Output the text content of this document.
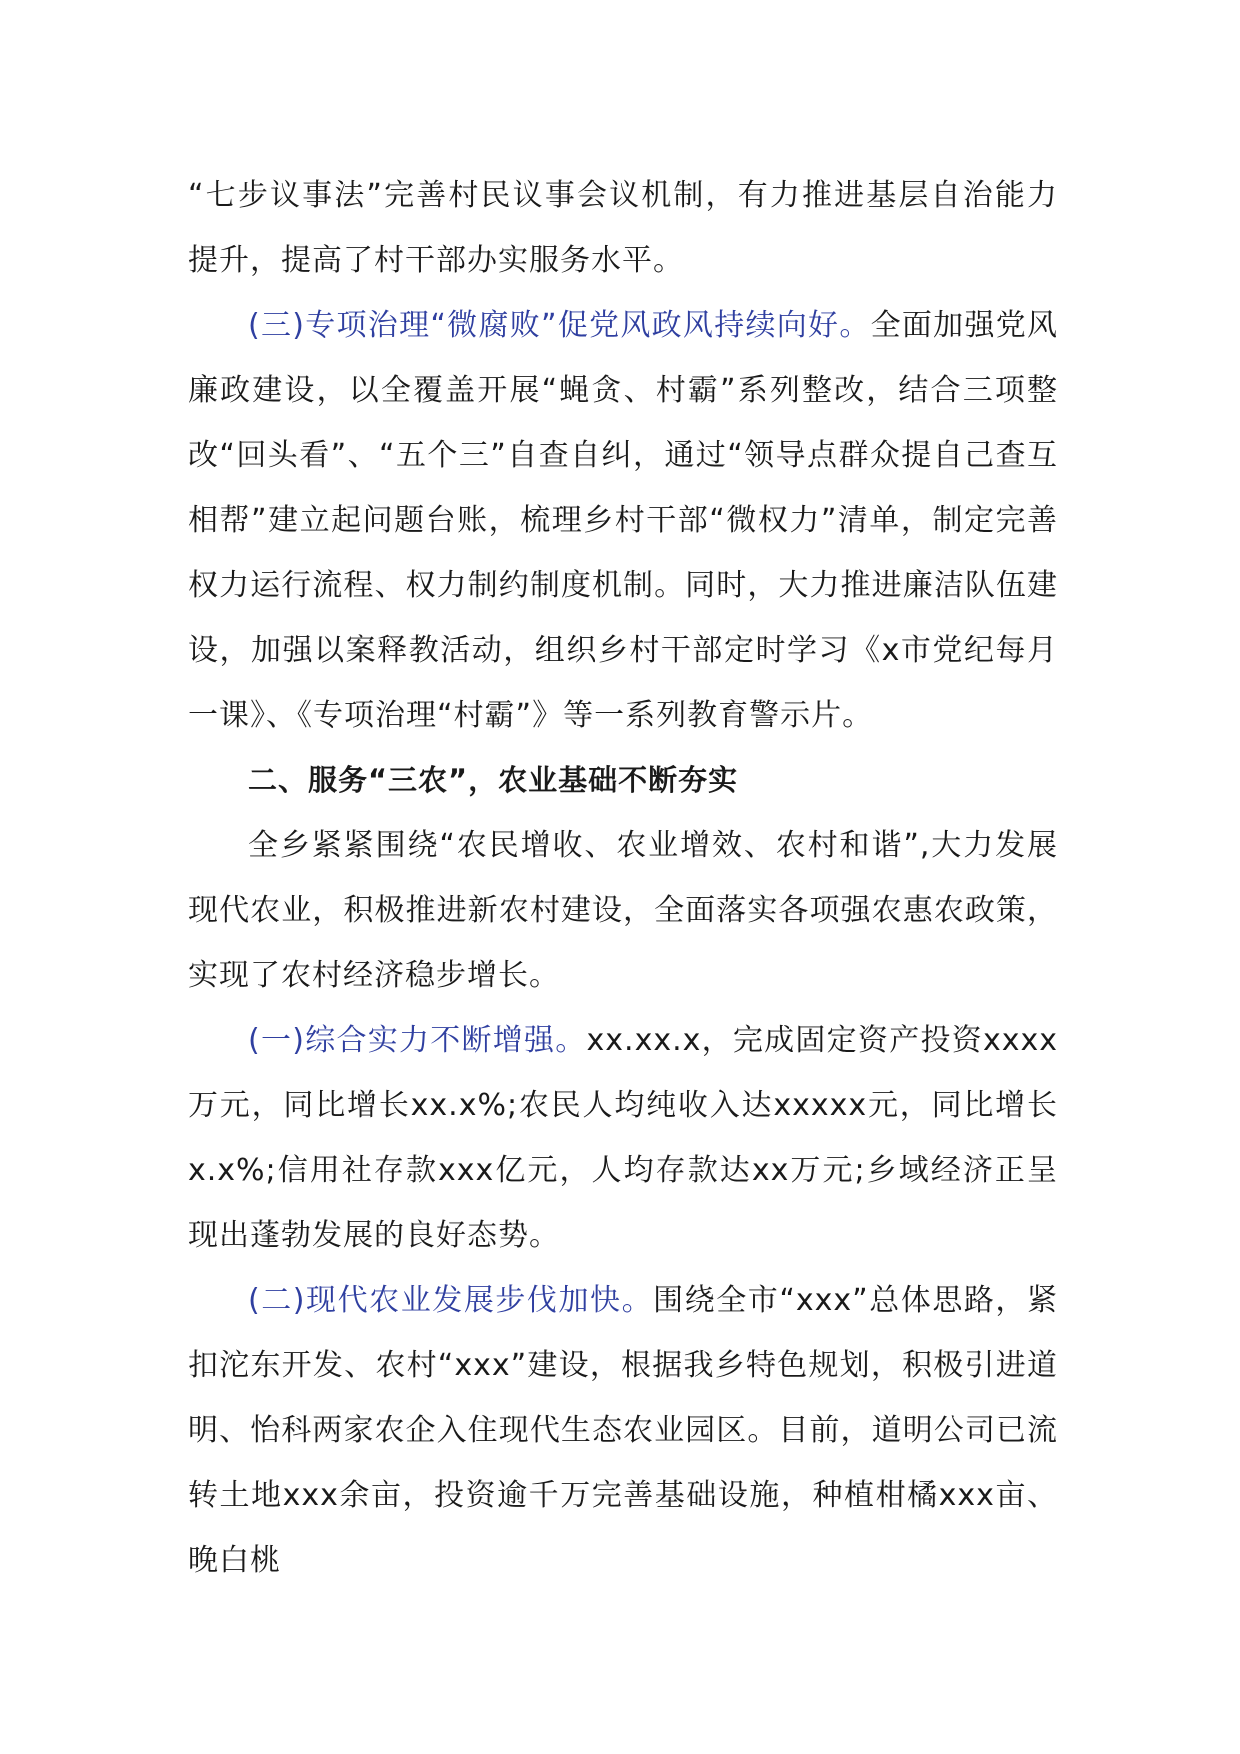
“七步议事法”完善村民议事会议机制，有力推进基层自治能力提升，提高了村干部办实服务水平。

(三)专项治理“微腐败”促党风政风持续向好。全面加强党风廉政建设，以全覆盖开展“蝇贪、村霸”系列整改，结合三项整改“回头看”、“五个三”自查自纠，通过“领导点群众提自己查互相帮”建立起问题台账，梳理乡村干部“微权力”清单，制定完善权力运行流程、权力制约制度机制。同时，大力推进廉洁队伍建设，加强以案释教活动，组织乡村干部定时学习《x市党纪每月一课》、《专项治理“村霸”》等一系列教育警示片。

二、服务“三农”，农业基础不断夯实

全乡紧紧围绕“农民增收、农业增效、农村和谐”,大力发展现代农业，积极推进新农村建设，全面落实各项强农惠农政策，实现了农村经济稳步增长。

(一)综合实力不断增强。xx.xx.x，完成固定资产投资xxxx万元，同比增长xx.x%;农民人均纯收入达xxxxx元，同比增长x.x%;信用社存款xxx亿元，人均存款达xx万元;乡域经济正呈现出蓬勃发展的良好态势。

(二)现代农业发展步伐加快。围绕全市“xxx”总体思路，紧扣沱东开发、农村“xxx”建设，根据我乡特色规划，积极引进道明、怡科两家农企入住现代生态农业园区。目前，道明公司已流转土地xxx余亩，投资逾千万完善基础设施，种植柑橘xxx亩、晚白桃
